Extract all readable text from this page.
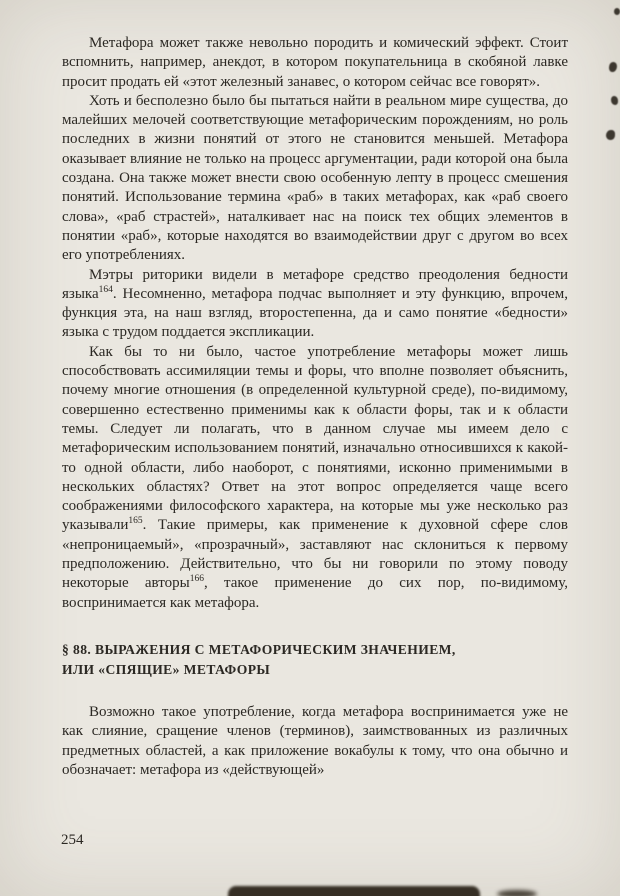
Метафора может также невольно породить и комический эффект. Стоит вспомнить, например, анекдот, в котором покупательница в скобяной лавке просит продать ей «этот железный занавес, о котором сейчас все говорят».

Хоть и бесполезно было бы пытаться найти в реальном мире существа, до малейших мелочей соответствующие метафорическим порождениям, но роль последних в жизни понятий от этого не становится меньшей. Метафора оказывает влияние не только на процесс аргументации, ради которой она была создана. Она также может внести свою особенную лепту в процесс смешения понятий. Использование термина «раб» в таких метафорах, как «раб своего слова», «раб страстей», наталкивает нас на поиск тех общих элементов в понятии «раб», которые находятся во взаимодействии друг с другом во всех его употреблениях.

Мэтры риторики видели в метафоре средство преодоления бедности языка$^{164}$. Несомненно, метафора подчас выполняет и эту функцию, впрочем, функция эта, на наш взгляд, второстепенна, да и само понятие «бедности» языка с трудом поддается экспликации.

Как бы то ни было, частое употребление метафоры может лишь способствовать ассимиляции темы и форы, что вполне позволяет объяснить, почему многие отношения (в определенной культурной среде), по-видимому, совершенно естественно применимы как к области форы, так и к области темы. Следует ли полагать, что в данном случае мы имеем дело с метафорическим использованием понятий, изначально относившихся к какой-то одной области, либо наоборот, с понятиями, исконно применимыми в нескольких областях? Ответ на этот вопрос определяется чаще всего соображениями философского характера, на которые мы уже несколько раз указывали$^{165}$. Такие примеры, как применение к духовной сфере слов «непроницаемый», «прозрачный», заставляют нас склониться к первому предположению. Действительно, что бы ни говорили по этому поводу некоторые авторы$^{166}$, такое применение до сих пор, по-видимому, воспринимается как метафора.

§ 88. ВЫРАЖЕНИЯ С МЕТАФОРИЧЕСКИМ ЗНАЧЕНИЕМ,
ИЛИ «СПЯЩИЕ» МЕТАФОРЫ

Возможно такое употребление, когда метафора воспринимается уже не как слияние, сращение членов (терминов), заимствованных из различных предметных областей, а как приложение вокабулы к тому, что она обычно и обозначает: метафора из «действующей»

254
